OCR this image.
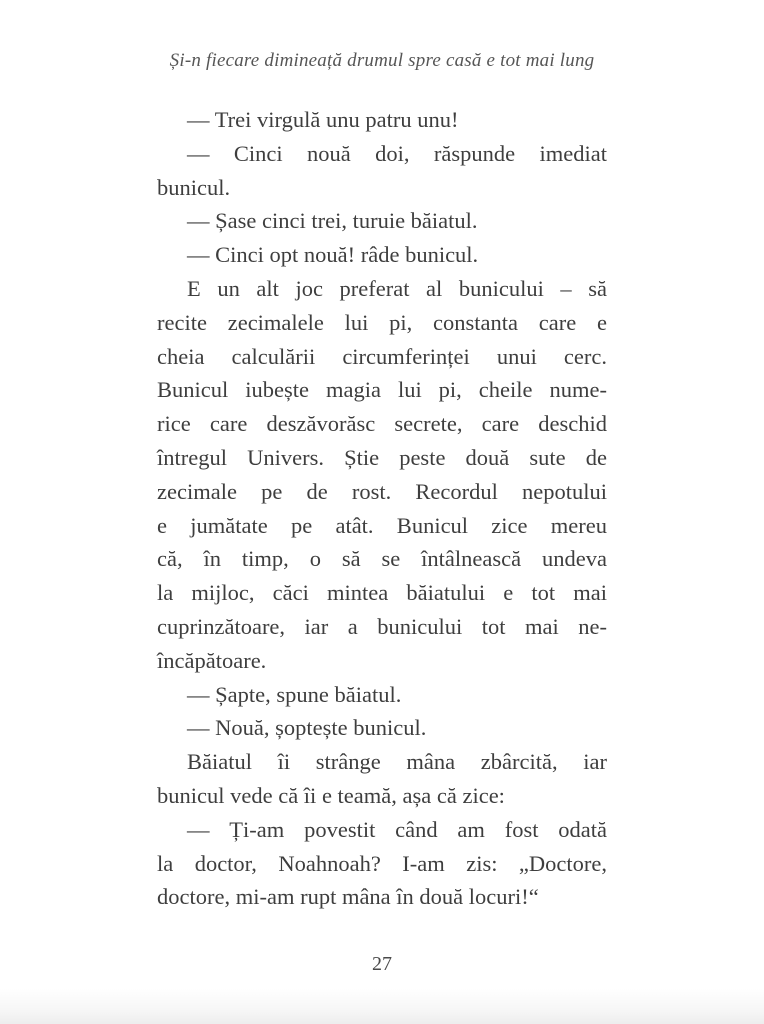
Și-n fiecare dimineață drumul spre casă e tot mai lung
— Trei virgulă unu patru unu!
— Cinci nouă doi, răspunde imediat
bunicul.
— Șase cinci trei, turuie băiatul.
— Cinci opt nouă! râde bunicul.
E un alt joc preferat al bunicului – să
recite zecimalele lui pi, constanta care e
cheia calculării circumferinței unui cerc.
Bunicul iubește magia lui pi, cheile nume-
rice care deszăvorăsc secrete, care deschid
întregul Univers. Știe peste două sute de
zecimale pe de rost. Recordul nepotului
e jumătate pe atât. Bunicul zice mereu
că, în timp, o să se întâlnească undeva
la mijloc, căci mintea băiatului e tot mai
cuprinzătoare, iar a bunicului tot mai ne-
încăpătoare.
— Șapte, spune băiatul.
— Nouă, șoptește bunicul.
Băiatul îi strânge mâna zbârcită, iar
bunicul vede că îi e teamă, așa că zice:
— Ți-am povestit când am fost odată
la doctor, Noahnoah? I-am zis: „Doctore,
doctore, mi-am rupt mâna în două locuri!“
27
